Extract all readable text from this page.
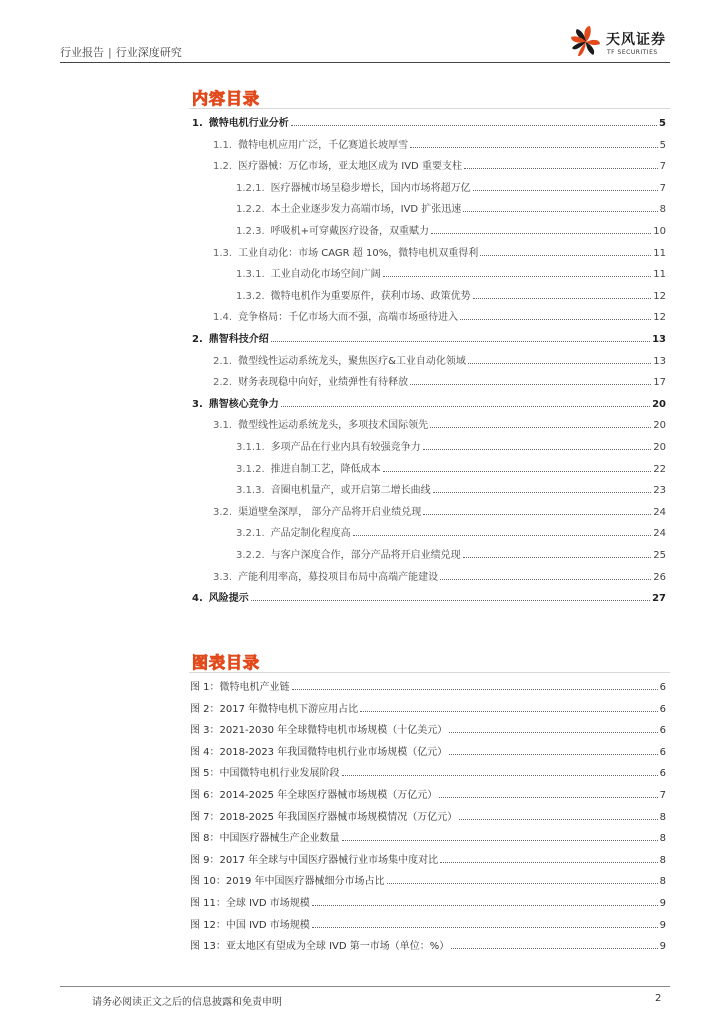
行业报告 | 行业深度研究
天风证券
TF SECURITIES
内容目录
1. 微特电机行业分析	5
1.1. 微特电机应用广泛，千亿赛道长坡厚雪	5
1.2. 医疗器械：万亿市场，亚太地区成为 IVD 重要支柱	7
1.2.1. 医疗器械市场呈稳步增长，国内市场将超万亿	7
1.2.2. 本土企业逐步发力高端市场，IVD 扩张迅速	8
1.2.3. 呼吸机+可穿戴医疗设备，双重赋力	10
1.3. 工业自动化：市场 CAGR 超 10%，微特电机双重得利	11
1.3.1. 工业自动化市场空间广阔	11
1.3.2. 微特电机作为重要原件，获利市场、政策优势	12
1.4. 竞争格局：千亿市场大而不强，高端市场亟待进入	12
2. 鼎智科技介绍	13
2.1. 微型线性运动系统龙头，聚焦医疗&工业自动化领域	13
2.2. 财务表现稳中向好，业绩弹性有待释放	17
3. 鼎智核心竞争力	20
3.1. 微型线性运动系统龙头，多项技术国际领先	20
3.1.1. 多项产品在行业内具有较强竞争力	20
3.1.2. 推进自制工艺，降低成本	22
3.1.3. 音圈电机量产，或开启第二增长曲线	23
3.2. 渠道壁垒深厚， 部分产品将开启业绩兑现	24
3.2.1. 产品定制化程度高	24
3.2.2. 与客户深度合作，部分产品将开启业绩兑现	25
3.3. 产能利用率高，募投项目布局中高端产能建设	26
4. 风险提示	27
图表目录
图 1：微特电机产业链	6
图 2：2017 年微特电机下游应用占比	6
图 3：2021-2030 年全球微特电机市场规模（十亿美元）	6
图 4：2018-2023 年我国微特电机行业市场规模（亿元）	6
图 5：中国微特电机行业发展阶段	6
图 6：2014-2025 年全球医疗器械市场规模（万亿元）	7
图 7：2018-2025 年我国医疗器械市场规模情况（万亿元）	8
图 8：中国医疗器械生产企业数量	8
图 9：2017 年全球与中国医疗器械行业市场集中度对比	8
图 10：2019 年中国医疗器械细分市场占比	8
图 11：全球 IVD 市场规模	9
图 12：中国 IVD 市场规模	9
图 13：亚太地区有望成为全球 IVD 第一市场（单位：%）	9
请务必阅读正文之后的信息披露和免责申明	2
